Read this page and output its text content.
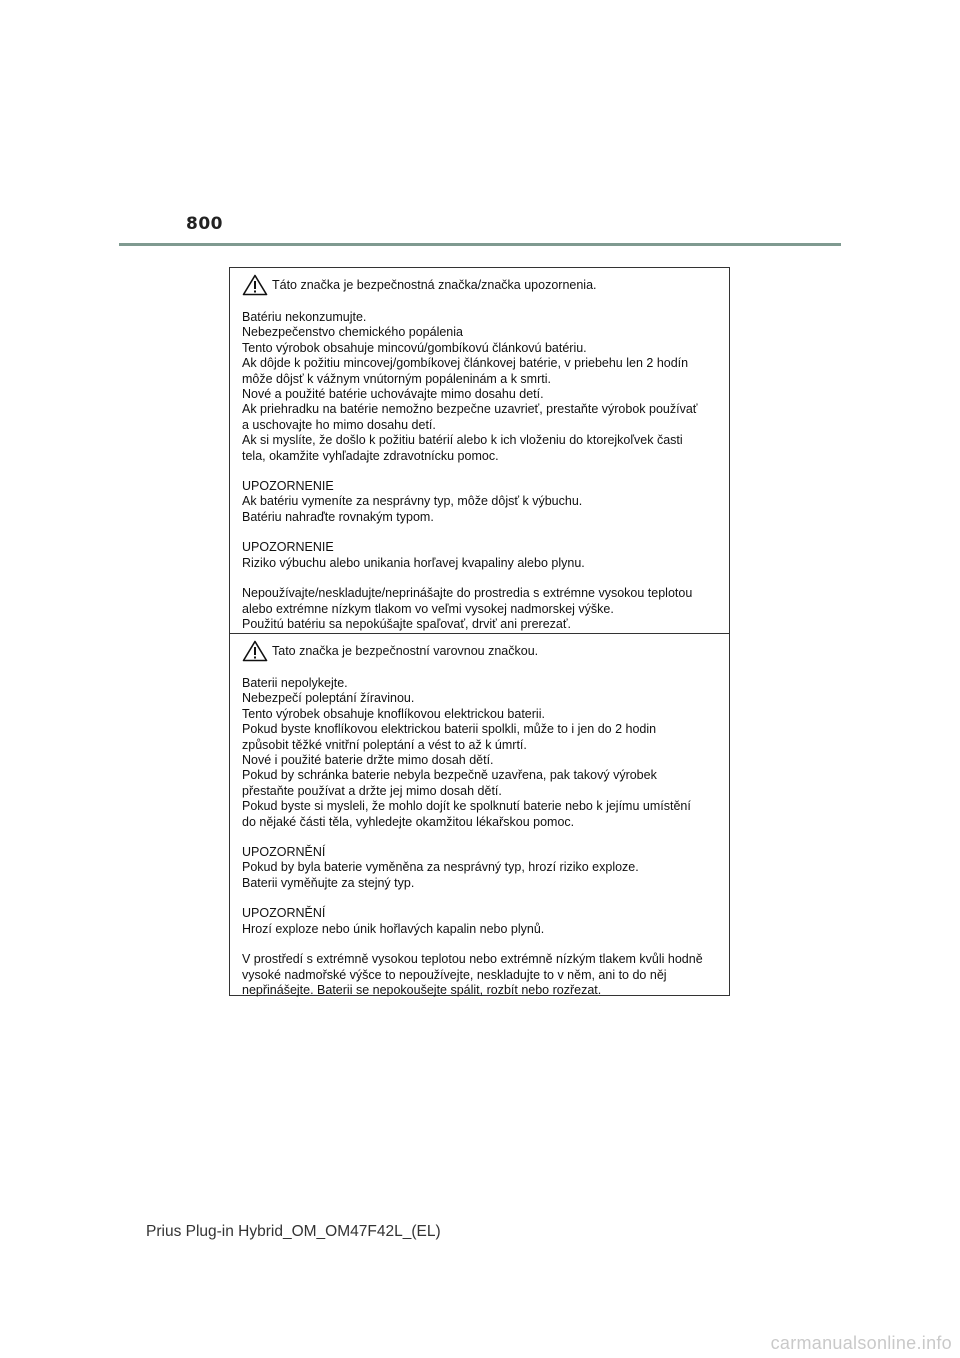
800
Táto značka je bezpečnostná značka/značka upozornenia.

Batériu nekonzumujte.
Nebezpečenstvo chemického popálenia
Tento výrobok obsahuje mincovú/gombíkovú článkovú batériu.
Ak dôjde k požitiu mincovej/gombíkovej článkovej batérie, v priebehu len 2 hodín
môže dôjsť k vážnym vnútorným popáleninám a k smrti.
Nové a použité batérie uchovávajte mimo dosahu detí.
Ak priehradku na batérie nemožno bezpečne uzavrieť, prestaňte výrobok používať
a uschovajte ho mimo dosahu detí.
Ak si myslíte, že došlo k požitiu batérií alebo k ich vloženiu do ktorejkoľvek časti
tela, okamžite vyhľadajte zdravotnícku pomoc.

UPOZORNENIE
Ak batériu vymeníte za nesprávny typ, môže dôjsť k výbuchu.
Batériu nahraďte rovnakým typom.

UPOZORNENIE
Riziko výbuchu alebo unikania horľavej kvapaliny alebo plynu.

Nepoužívajte/neskladujte/neprinášajte do prostredia s extrémne vysokou teplotou
alebo extrémne nízkym tlakom vo veľmi vysokej nadmorskej výške.
Použitú batériu sa nepokúšajte spaľovať, drviť ani prerezať.

Tato značka je bezpečnostní varovnou značkou.

Baterii nepolykejte.
Nebezpečí poleptání žíravinou.
Tento výrobek obsahuje knoflíkovou elektrickou baterii.
Pokud byste knoflíkovou elektrickou baterii spolkli, může to i jen do 2 hodin
způsobit těžké vnitřní poleptání a vést to až k úmrtí.
Nové i použité baterie držte mimo dosah dětí.
Pokud by schránka baterie nebyla bezpečně uzavřena, pak takový výrobek
přestaňte používat a držte jej mimo dosah dětí.
Pokud byste si mysleli, že mohlo dojít ke spolknutí baterie nebo k jejímu umístění
do nějaké části těla, vyhledejte okamžitou lékařskou pomoc.

UPOZORNĚNÍ
Pokud by byla baterie vyměněna za nesprávný typ, hrozí riziko exploze.
Baterii vyměňujte za stejný typ.

UPOZORNĚNÍ
Hrozí exploze nebo únik hořlavých kapalin nebo plynů.

V prostředí s extrémně vysokou teplotou nebo extrémně nízkým tlakem kvůli hodně
vysoké nadmořské výšce to nepoužívejte, neskladujte to v něm, ani to do něj
nepřinášejte. Baterii se nepokoušejte spálit, rozbít nebo rozřezat.

Prius Plug-in Hybrid_OM_OM47F42L_(EL)
carmanualsonline.info
